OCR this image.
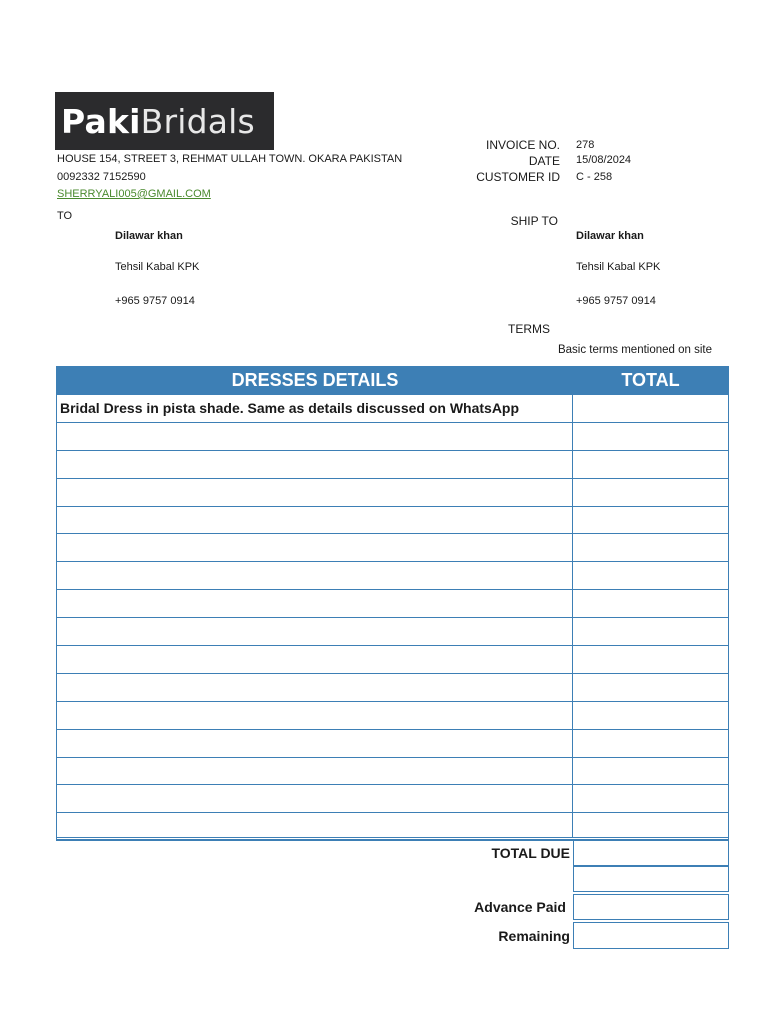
PakiBridals
HOUSE 154, STREET 3, REHMAT ULLAH TOWN. OKARA PAKISTAN
0092332 7152590
SHERRYALI005@GMAIL.COM
INVOICE NO. 278
DATE 15/08/2024
CUSTOMER ID C - 258
TO
Dilawar khan
Tehsil Kabal KPK
+965 9757 0914
SHIP TO
Dilawar khan
Tehsil Kabal KPK
+965 9757 0914
TERMS
Basic terms mentioned on site
DRESSES DETAILS	TOTAL
Bridal Dress in pista shade. Same as details discussed on WhatsApp
TOTAL DUE
Advance Paid
Remaining
